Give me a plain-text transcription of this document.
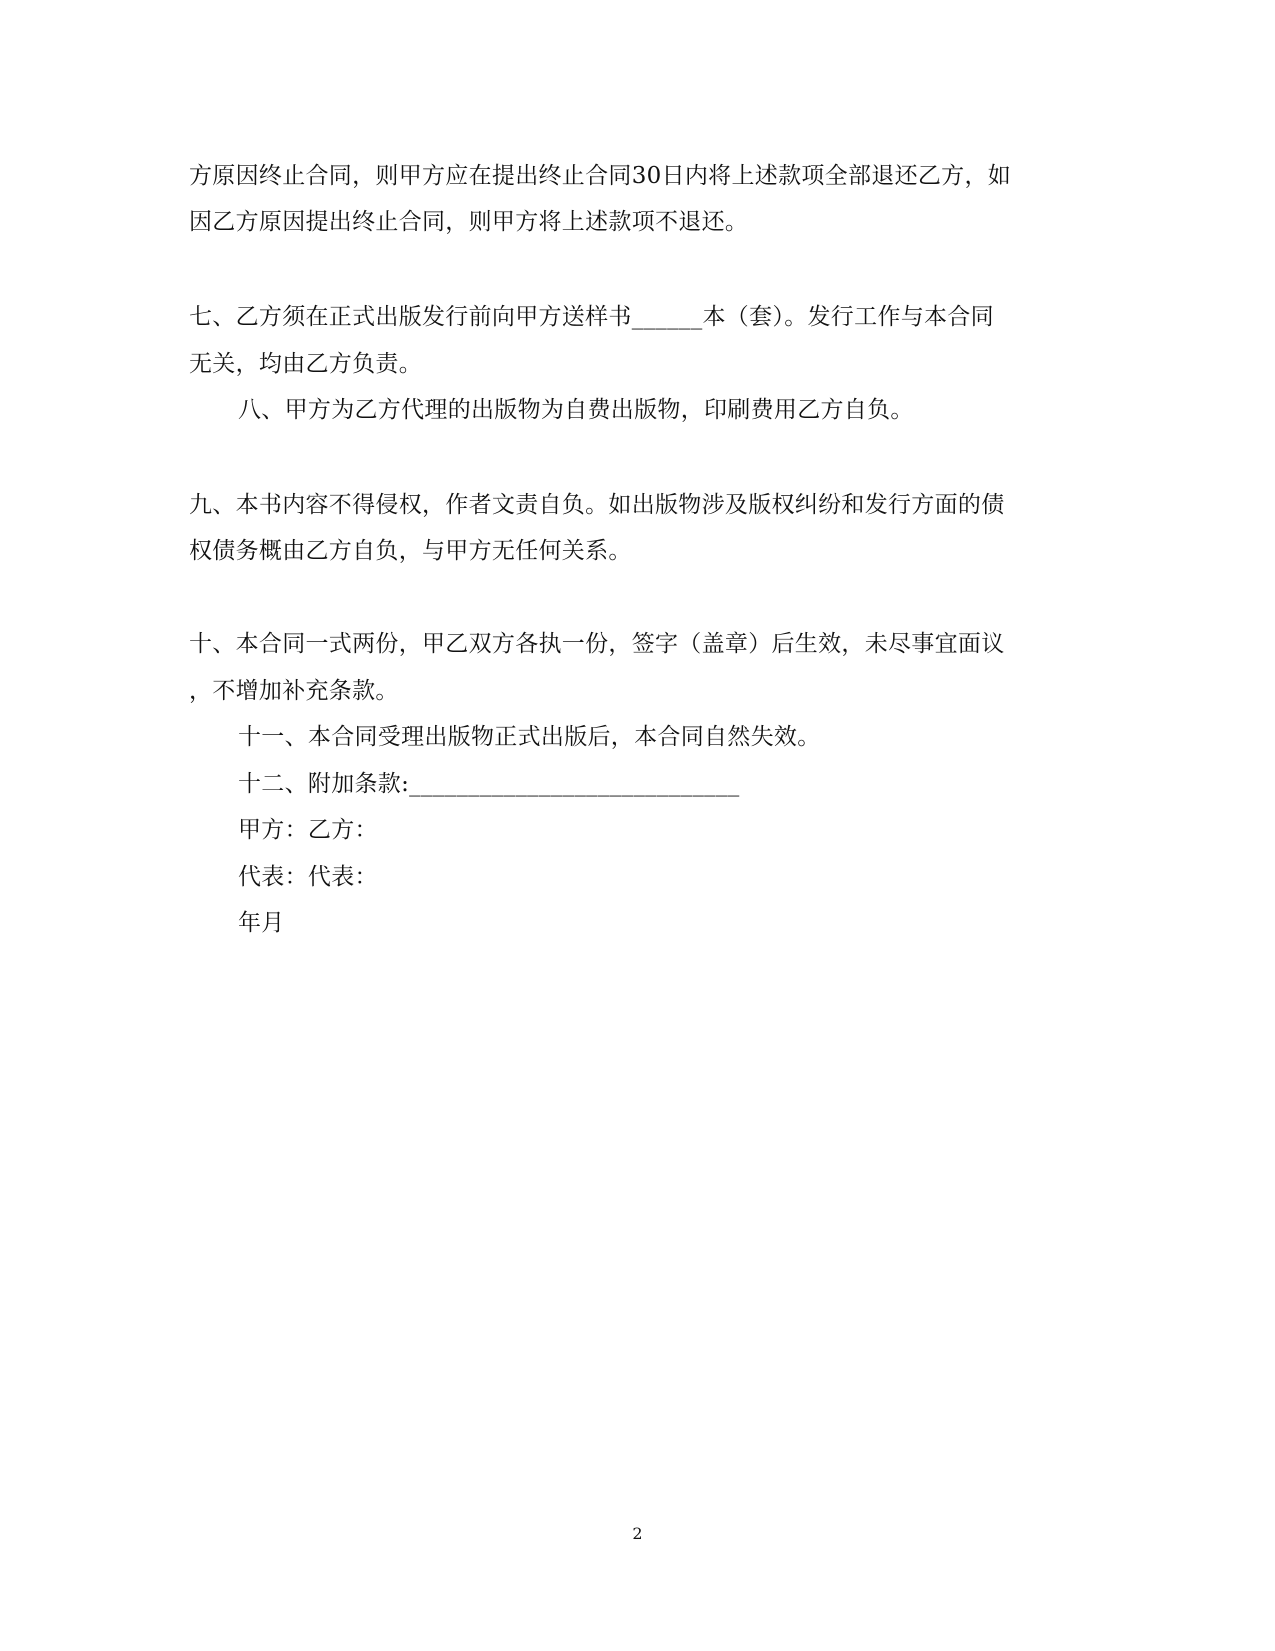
方原因终止合同，则甲方应在提出终止合同30日内将上述款项全部退还乙方，如
因乙方原因提出终止合同，则甲方将上述款项不退还。
七、乙方须在正式出版发行前向甲方送样书______本（套）。发行工作与本合同
无关，均由乙方负责。
八、甲方为乙方代理的出版物为自费出版物，印刷费用乙方自负。
九、本书内容不得侵权，作者文责自负。如出版物涉及版权纠纷和发行方面的债
权债务概由乙方自负，与甲方无任何关系。
十、本合同一式两份，甲乙双方各执一份，签字（盖章）后生效，未尽事宜面议
，不增加补充条款。
十一、本合同受理出版物正式出版后，本合同自然失效。
十二、附加条款:____________________________
甲方：乙方：
代表：代表：
年月
2
